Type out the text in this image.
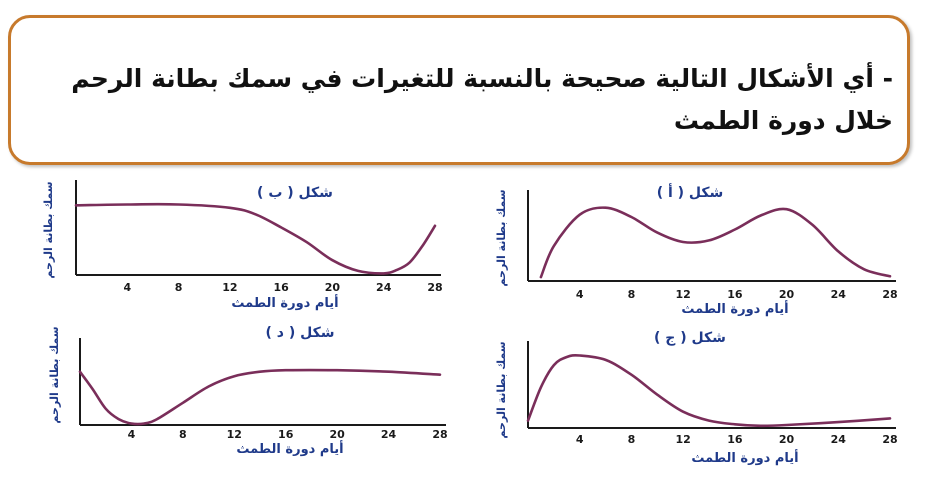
- أي الأشكال التالية صحيحة بالنسبة للتغيرات في سمك بطانة الرحم خلال دورة الطمث

4	8	12	16	20	24	28
شكل ( أ )
أيام دورة الطمث
سمك بطانة الرحم
4	8	12	16	20	24	28
شكل ( ب )
أيام دورة الطمث
سمك بطانة الرحم
4	8	12	16	20	24	28
شكل ( د )
أيام دورة الطمث
سمك بطانة الرحم
4	8	12	16	20	24	28
شكل ( ج )
أيام دورة الطمث
سمك بطانة الرحم
